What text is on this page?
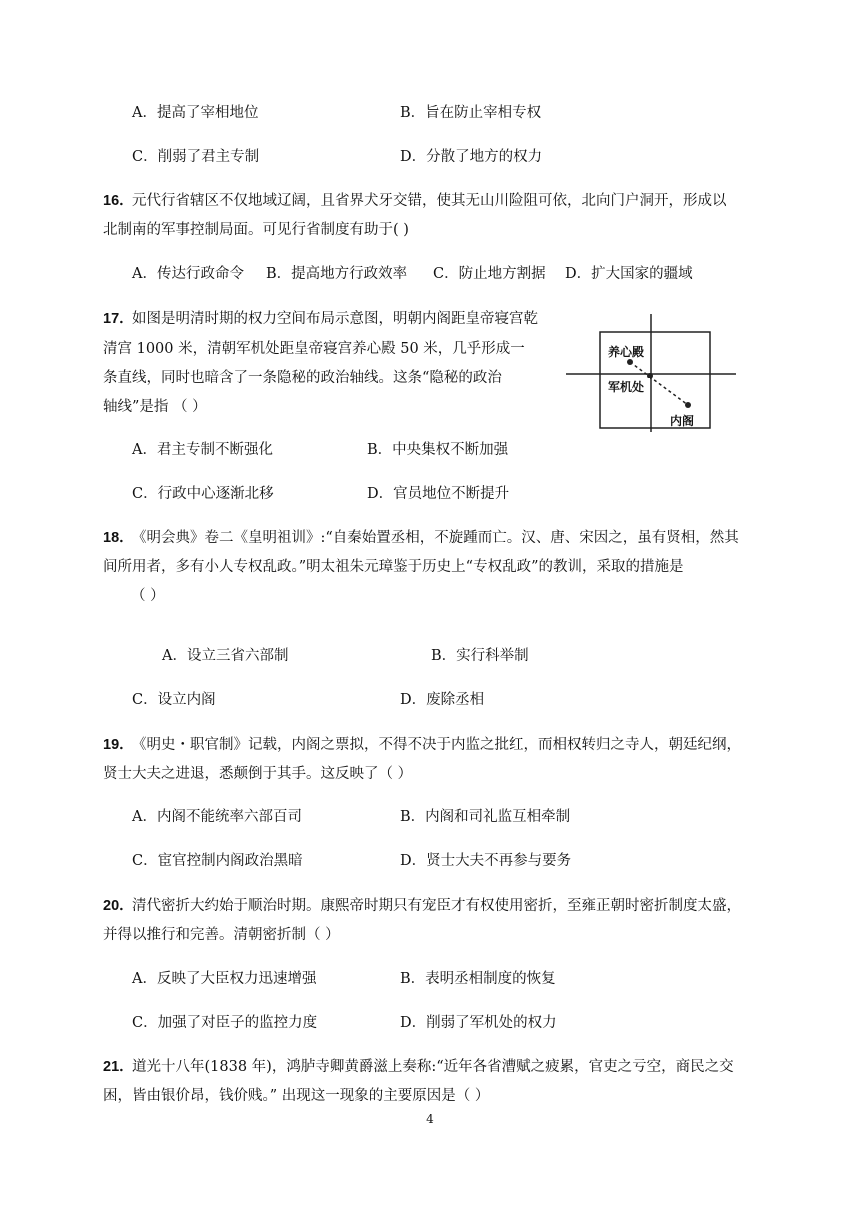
A．提高了宰相地位	B．旨在防止宰相专权
C．削弱了君主专制	D．分散了地方的权力
16．
元代行省辖区不仅地域辽阔，且省界犬牙交错，使其无山川险阻可依，北向门户洞开，形成以
北制南的军事控制局面。可见行省制度有助于( )
A．传达行政命令 B．提高地方行政效率 C．防止地方割据 D．扩大国家的疆域
17．
如图是明清时期的权力空间布局示意图，明朝内阁距皇帝寝宫乾
清宫 1000 米，清朝军机处距皇帝寝宫养心殿 50 米，几乎形成一
条直线，同时也暗含了一条隐秘的政治轴线。这条“隐秘的政治
轴线”是指 （ ）
养心殿
军机处
内阁
A．君主专制不断强化	B．中央集权不断加强
C．行政中心逐渐北移	D．官员地位不断提升
18．
《明会典》卷二《皇明祖训》:“自秦始置丞相，不旋踵而亡。汉、唐、宋因之，虽有贤相，然其
间所用者，多有小人专权乱政。”明太祖朱元璋鉴于历史上“专权乱政”的教训，采取的措施是
（ ）
A．设立三省六部制	B．实行科举制
C．设立内阁	D．废除丞相
19．
《明史・职官制》记载，内阁之票拟，不得不决于内监之批红，而相权转归之寺人，朝廷纪纲，
贤士大夫之进退，悉颠倒于其手。这反映了（ ）
A．内阁不能统率六部百司	B．内阁和司礼监互相牵制
C．宦官控制内阁政治黑暗	D．贤士大夫不再参与要务
20．
清代密折大约始于顺治时期。康熙帝时期只有宠臣才有权使用密折，至雍正朝时密折制度太盛，
并得以推行和完善。清朝密折制（ ）
A．反映了大臣权力迅速增强	B．表明丞相制度的恢复
C．加强了对臣子的监控力度	D．削弱了军机处的权力
21．
道光十八年(1838 年)，鸿胪寺卿黄爵滋上奏称:“近年各省漕赋之疲累，官吏之亏空，商民之交
困，皆由银价昂，钱价贱。” 出现这一现象的主要原因是（ ）
4
